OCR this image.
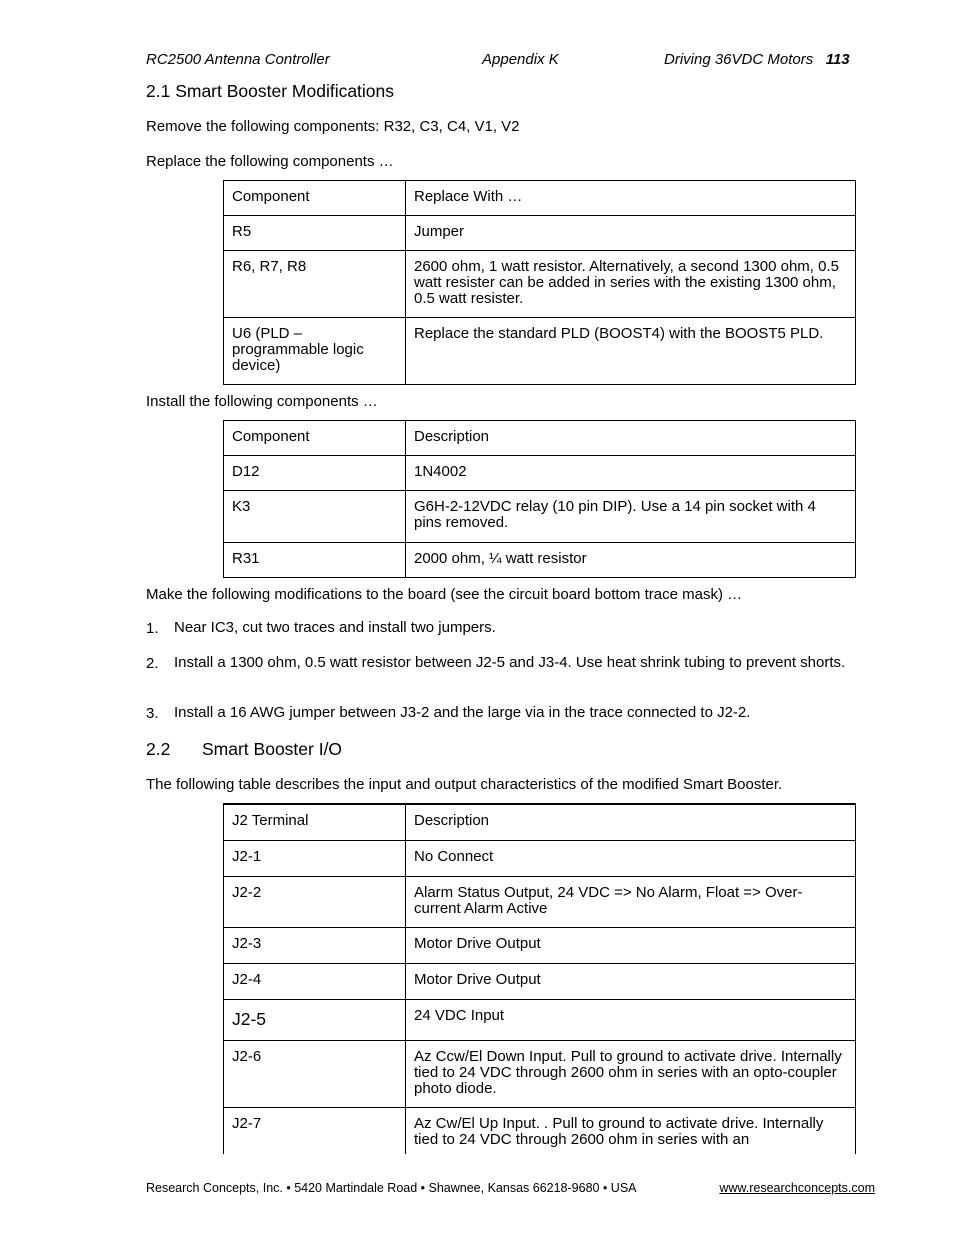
RC2500 Antenna Controller	Appendix K	Driving 36VDC Motors 113
2.1 Smart Booster Modifications
Remove the following components: R32, C3, C4, V1, V2
Replace the following components …
Component	Replace With …
R5	Jumper
R6, R7, R8	2600 ohm, 1 watt resistor. Alternatively, a second 1300 ohm, 0.5 watt resister can be added in series with the existing 1300 ohm, 0.5 watt resister.
U6 (PLD – programmable logic device)	Replace the standard PLD (BOOST4) with the BOOST5 PLD.
Install the following components …
Component	Description
D12	1N4002
K3	G6H-2-12VDC relay (10 pin DIP). Use a 14 pin socket with 4 pins removed.
R31	2000 ohm, ¼ watt resistor
Make the following modifications to the board (see the circuit board bottom trace mask) …
1. Near IC3, cut two traces and install two jumpers.
2. Install a 1300 ohm, 0.5 watt resistor between J2-5 and J3-4. Use heat shrink tubing to prevent shorts.
3. Install a 16 AWG jumper between J3-2 and the large via in the trace connected to J2-2.
2.2 Smart Booster I/O
The following table describes the input and output characteristics of the modified Smart Booster.
J2 Terminal	Description
J2-1	No Connect
J2-2	Alarm Status Output, 24 VDC => No Alarm, Float => Over-current Alarm Active
J2-3	Motor Drive Output
J2-4	Motor Drive Output
J2-5	24 VDC Input
J2-6	Az Ccw/El Down Input. Pull to ground to activate drive. Internally tied to 24 VDC through 2600 ohm in series with an opto-coupler photo diode.
J2-7	Az Cw/El Up Input. . Pull to ground to activate drive. Internally tied to 24 VDC through 2600 ohm in series with an
Research Concepts, Inc. • 5420 Martindale Road • Shawnee, Kansas 66218-9680 • USA	www.researchconcepts.com
